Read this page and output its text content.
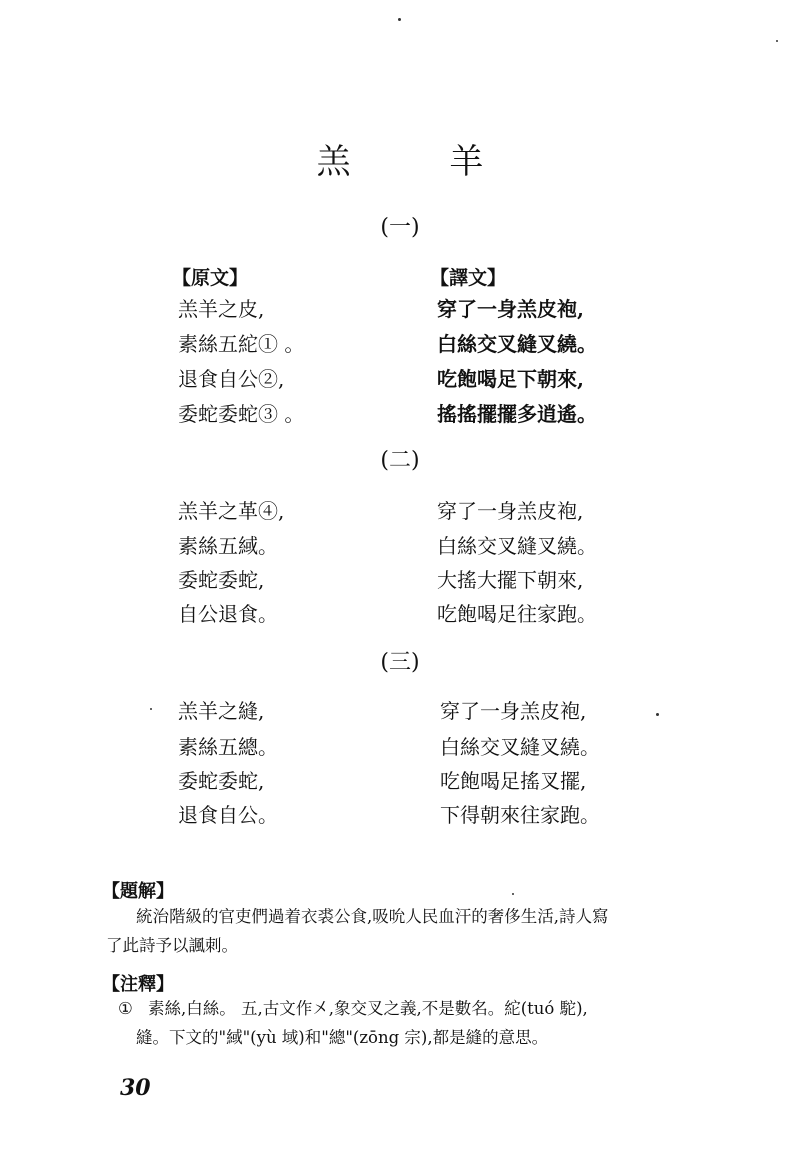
羔 羊
(一)
【原文】	【譯文】
羔羊之皮,
素絲五紽① 。
退食自公②,
委蛇委蛇③ 。
穿了一身羔皮袍,
白絲交叉縫叉繞。
吃飽喝足下朝來,
搖搖擺擺多逍遙。
(二)
羔羊之革④,
素絲五緎。
委蛇委蛇,
自公退食。
穿了一身羔皮袍,
白絲交叉縫叉繞。
大搖大擺下朝來,
吃飽喝足往家跑。
(三)
羔羊之縫,
素絲五總。
委蛇委蛇,
退食自公。
穿了一身羔皮袍,
白絲交叉縫叉繞。
吃飽喝足搖叉擺,
下得朝來往家跑。
【題解】
統治階級的官吏們過着衣裘公食,吸吮人民血汗的奢侈生活,詩人寫
了此詩予以諷刺。
【注釋】
① 素絲,白絲。 五,古文作㐅,象交叉之義,不是數名。紽(tuó 駝),
縫。下文的"緎"(yù 域)和"總"(zōng 宗),都是縫的意思。
30
